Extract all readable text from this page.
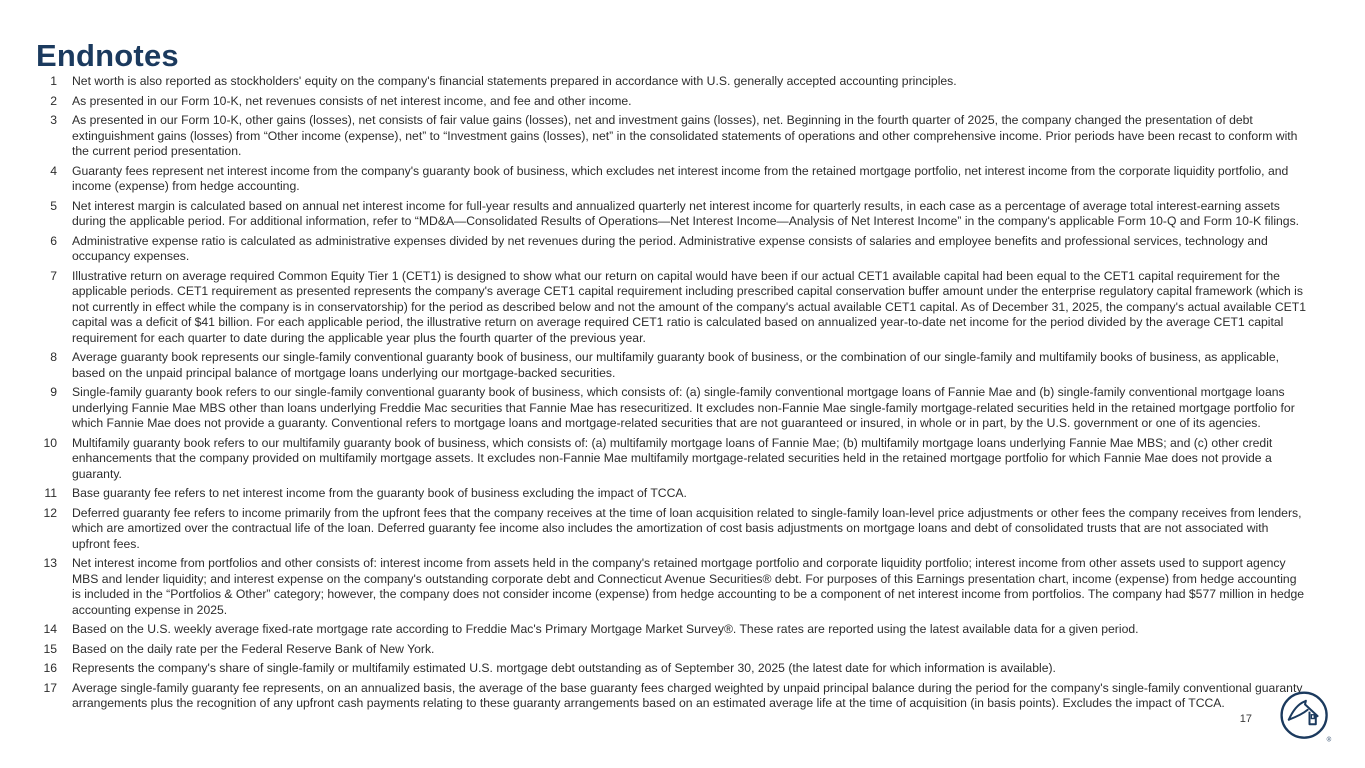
Endnotes
1	Net worth is also reported as stockholders' equity on the company's financial statements prepared in accordance with U.S. generally accepted accounting principles.
2	As presented in our Form 10-K, net revenues consists of net interest income, and fee and other income.
3	As presented in our Form 10-K, other gains (losses), net consists of fair value gains (losses), net and investment gains (losses), net. Beginning in the fourth quarter of 2025, the company changed the presentation of debt extinguishment gains (losses) from “Other income (expense), net” to “Investment gains (losses), net” in the consolidated statements of operations and other comprehensive income. Prior periods have been recast to conform with the current period presentation.
4	Guaranty fees represent net interest income from the company's guaranty book of business, which excludes net interest income from the retained mortgage portfolio, net interest income from the corporate liquidity portfolio, and income (expense) from hedge accounting.
5	Net interest margin is calculated based on annual net interest income for full-year results and annualized quarterly net interest income for quarterly results, in each case as a percentage of average total interest-earning assets during the applicable period. For additional information, refer to “MD&A—Consolidated Results of Operations—Net Interest Income—Analysis of Net Interest Income” in the company's applicable Form 10-Q and Form 10-K filings.
6	Administrative expense ratio is calculated as administrative expenses divided by net revenues during the period. Administrative expense consists of salaries and employee benefits and professional services, technology and occupancy expenses.
7	Illustrative return on average required Common Equity Tier 1 (CET1) is designed to show what our return on capital would have been if our actual CET1 available capital had been equal to the CET1 capital requirement for the applicable periods. CET1 requirement as presented represents the company's average CET1 capital requirement including prescribed capital conservation buffer amount under the enterprise regulatory capital framework (which is not currently in effect while the company is in conservatorship) for the period as described below and not the amount of the company's actual available CET1 capital. As of December 31, 2025, the company's actual available CET1 capital was a deficit of $41 billion. For each applicable period, the illustrative return on average required CET1 ratio is calculated based on annualized year-to-date net income for the period divided by the average CET1 capital requirement for each quarter to date during the applicable year plus the fourth quarter of the previous year.
8	Average guaranty book represents our single-family conventional guaranty book of business, our multifamily guaranty book of business, or the combination of our single-family and multifamily books of business, as applicable, based on the unpaid principal balance of mortgage loans underlying our mortgage-backed securities.
9	Single-family guaranty book refers to our single-family conventional guaranty book of business, which consists of: (a) single-family conventional mortgage loans of Fannie Mae and (b) single-family conventional mortgage loans underlying Fannie Mae MBS other than loans underlying Freddie Mac securities that Fannie Mae has resecuritized. It excludes non-Fannie Mae single-family mortgage-related securities held in the retained mortgage portfolio for which Fannie Mae does not provide a guaranty. Conventional refers to mortgage loans and mortgage-related securities that are not guaranteed or insured, in whole or in part, by the U.S. government or one of its agencies.
10	Multifamily guaranty book refers to our multifamily guaranty book of business, which consists of: (a) multifamily mortgage loans of Fannie Mae; (b) multifamily mortgage loans underlying Fannie Mae MBS; and (c) other credit enhancements that the company provided on multifamily mortgage assets. It excludes non-Fannie Mae multifamily mortgage-related securities held in the retained mortgage portfolio for which Fannie Mae does not provide a guaranty.
11	Base guaranty fee refers to net interest income from the guaranty book of business excluding the impact of TCCA.
12	Deferred guaranty fee refers to income primarily from the upfront fees that the company receives at the time of loan acquisition related to single-family loan-level price adjustments or other fees the company receives from lenders, which are amortized over the contractual life of the loan. Deferred guaranty fee income also includes the amortization of cost basis adjustments on mortgage loans and debt of consolidated trusts that are not associated with upfront fees.
13	Net interest income from portfolios and other consists of: interest income from assets held in the company's retained mortgage portfolio and corporate liquidity portfolio; interest income from other assets used to support agency MBS and lender liquidity; and interest expense on the company's outstanding corporate debt and Connecticut Avenue Securities® debt. For purposes of this Earnings presentation chart, income (expense) from hedge accounting is included in the “Portfolios & Other” category; however, the company does not consider income (expense) from hedge accounting to be a component of net interest income from portfolios. The company had $577 million in hedge accounting expense in 2025.
14	Based on the U.S. weekly average fixed-rate mortgage rate according to Freddie Mac's Primary Mortgage Market Survey®. These rates are reported using the latest available data for a given period.
15	Based on the daily rate per the Federal Reserve Bank of New York.
16	Represents the company's share of single-family or multifamily estimated U.S. mortgage debt outstanding as of September 30, 2025 (the latest date for which information is available).
17	Average single-family guaranty fee represents, on an annualized basis, the average of the base guaranty fees charged weighted by unpaid principal balance during the period for the company's single-family conventional guaranty arrangements plus the recognition of any upfront cash payments relating to these guaranty arrangements based on an estimated average life at the time of acquisition (in basis points). Excludes the impact of TCCA.
17
®
